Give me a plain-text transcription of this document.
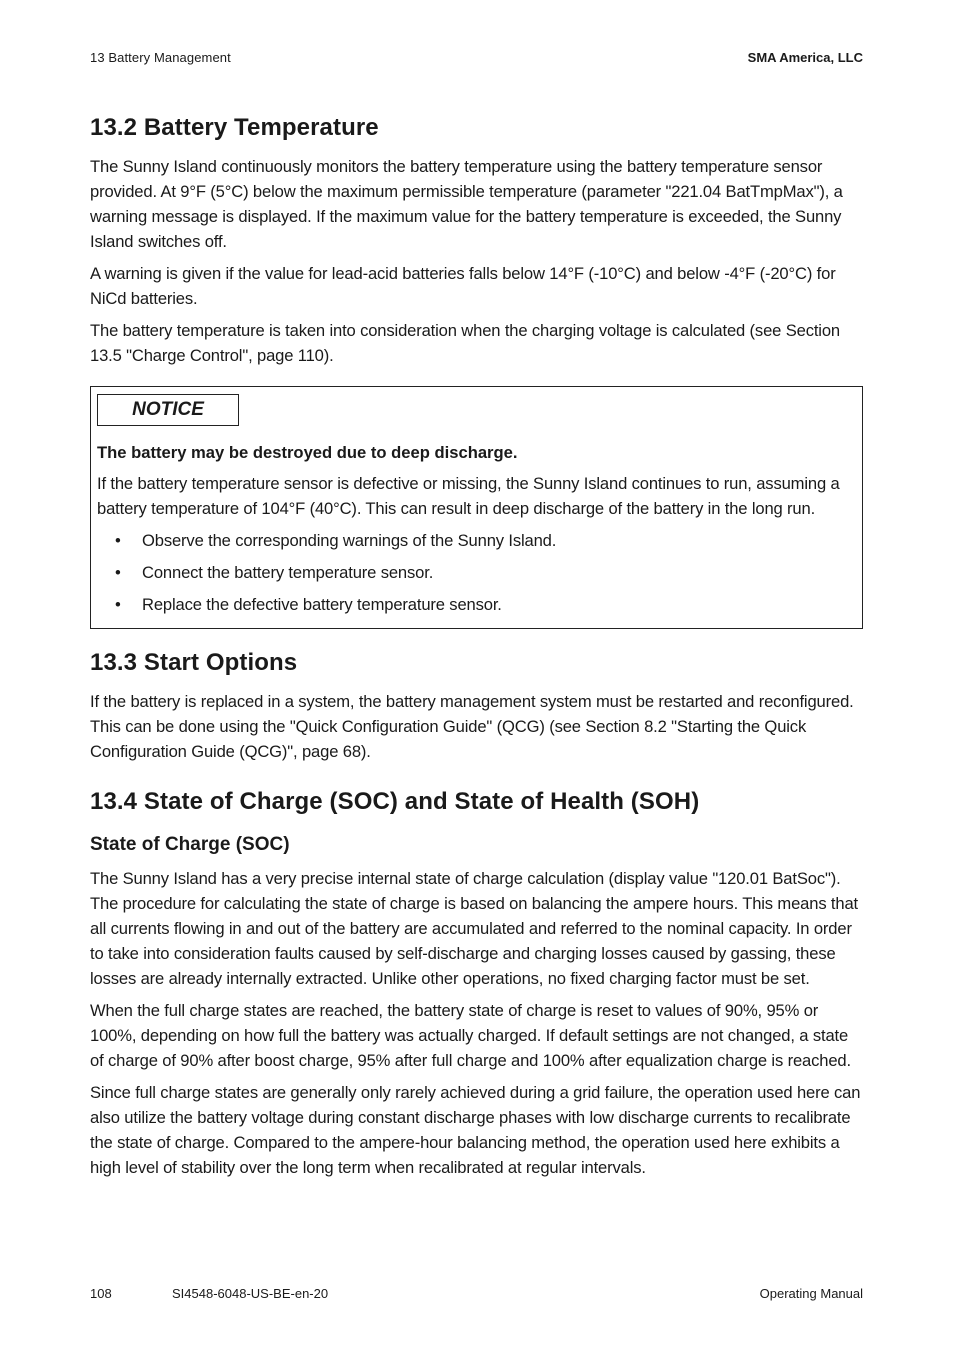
13 Battery Management	SMA America, LLC
13.2 Battery Temperature

The Sunny Island continuously monitors the battery temperature using the battery temperature sensor provided. At 9°F (5°C) below the maximum permissible temperature (parameter "221.04 BatTmpMax"), a warning message is displayed. If the maximum value for the battery temperature is exceeded, the Sunny Island switches off.

A warning is given if the value for lead-acid batteries falls below 14°F (-10°C) and below -4°F (-20°C) for NiCd batteries.

The battery temperature is taken into consideration when the charging voltage is calculated (see Section 13.5 "Charge Control", page 110).

NOTICE
The battery may be destroyed due to deep discharge.

If the battery temperature sensor is defective or missing, the Sunny Island continues to run, assuming a battery temperature of 104°F (40°C). This can result in deep discharge of the battery in the long run.

• Observe the corresponding warnings of the Sunny Island.
• Connect the battery temperature sensor.
• Replace the defective battery temperature sensor.
13.3 Start Options

If the battery is replaced in a system, the battery management system must be restarted and reconfigured. This can be done using the "Quick Configuration Guide" (QCG) (see Section 8.2 "Starting the Quick Configuration Guide (QCG)", page 68).

13.4 State of Charge (SOC) and State of Health (SOH)
State of Charge (SOC)

The Sunny Island has a very precise internal state of charge calculation (display value "120.01 BatSoc"). The procedure for calculating the state of charge is based on balancing the ampere hours. This means that all currents flowing in and out of the battery are accumulated and referred to the nominal capacity. In order to take into consideration faults caused by self-discharge and charging losses caused by gassing, these losses are already internally extracted. Unlike other operations, no fixed charging factor must be set.

When the full charge states are reached, the battery state of charge is reset to values of 90%, 95% or 100%, depending on how full the battery was actually charged. If default settings are not changed, a state of charge of 90% after boost charge, 95% after full charge and 100% after equalization charge is reached.

Since full charge states are generally only rarely achieved during a grid failure, the operation used here can also utilize the battery voltage during constant discharge phases with low discharge currents to recalibrate the state of charge. Compared to the ampere-hour balancing method, the operation used here exhibits a high level of stability over the long term when recalibrated at regular intervals.

108	SI4548-6048-US-BE-en-20	Operating Manual
